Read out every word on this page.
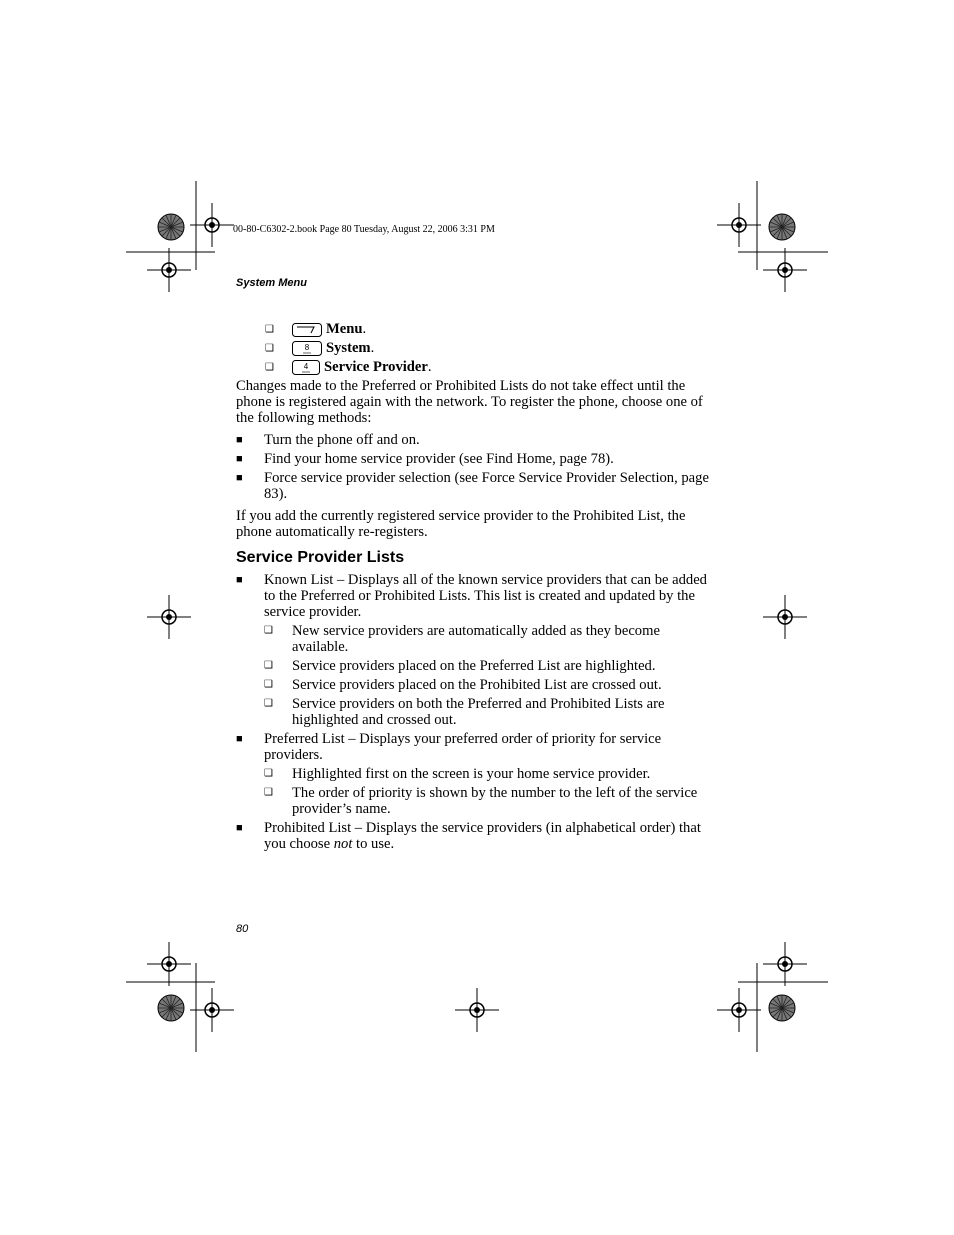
00-80-C6302-2.book Page 80 Tuesday, August 22, 2006 3:31 PM
System Menu
❑	Menu.
❑	8 System.
❑	4 Service Provider.

Changes made to the Preferred or Prohibited Lists do not take effect until the phone is registered again with the network. To register the phone, choose one of the following methods:

■ Turn the phone off and on.
■ Find your home service provider (see Find Home, page 78).
■ Force service provider selection (see Force Service Provider Selection, page 83).

If you add the currently registered service provider to the Prohibited List, the phone automatically re-registers.

Service Provider Lists
■ Known List – Displays all of the known service providers that can be added to the Preferred or Prohibited Lists. This list is created and updated by the service provider.
❑ New service providers are automatically added as they become available.
❑ Service providers placed on the Preferred List are highlighted.
❑ Service providers placed on the Prohibited List are crossed out.
❑ Service providers on both the Preferred and Prohibited Lists are highlighted and crossed out.
■ Preferred List – Displays your preferred order of priority for service providers.
❑ Highlighted first on the screen is your home service provider.
❑ The order of priority is shown by the number to the left of the service provider’s name.
■ Prohibited List – Displays the service providers (in alphabetical order) that you choose not to use.
80
